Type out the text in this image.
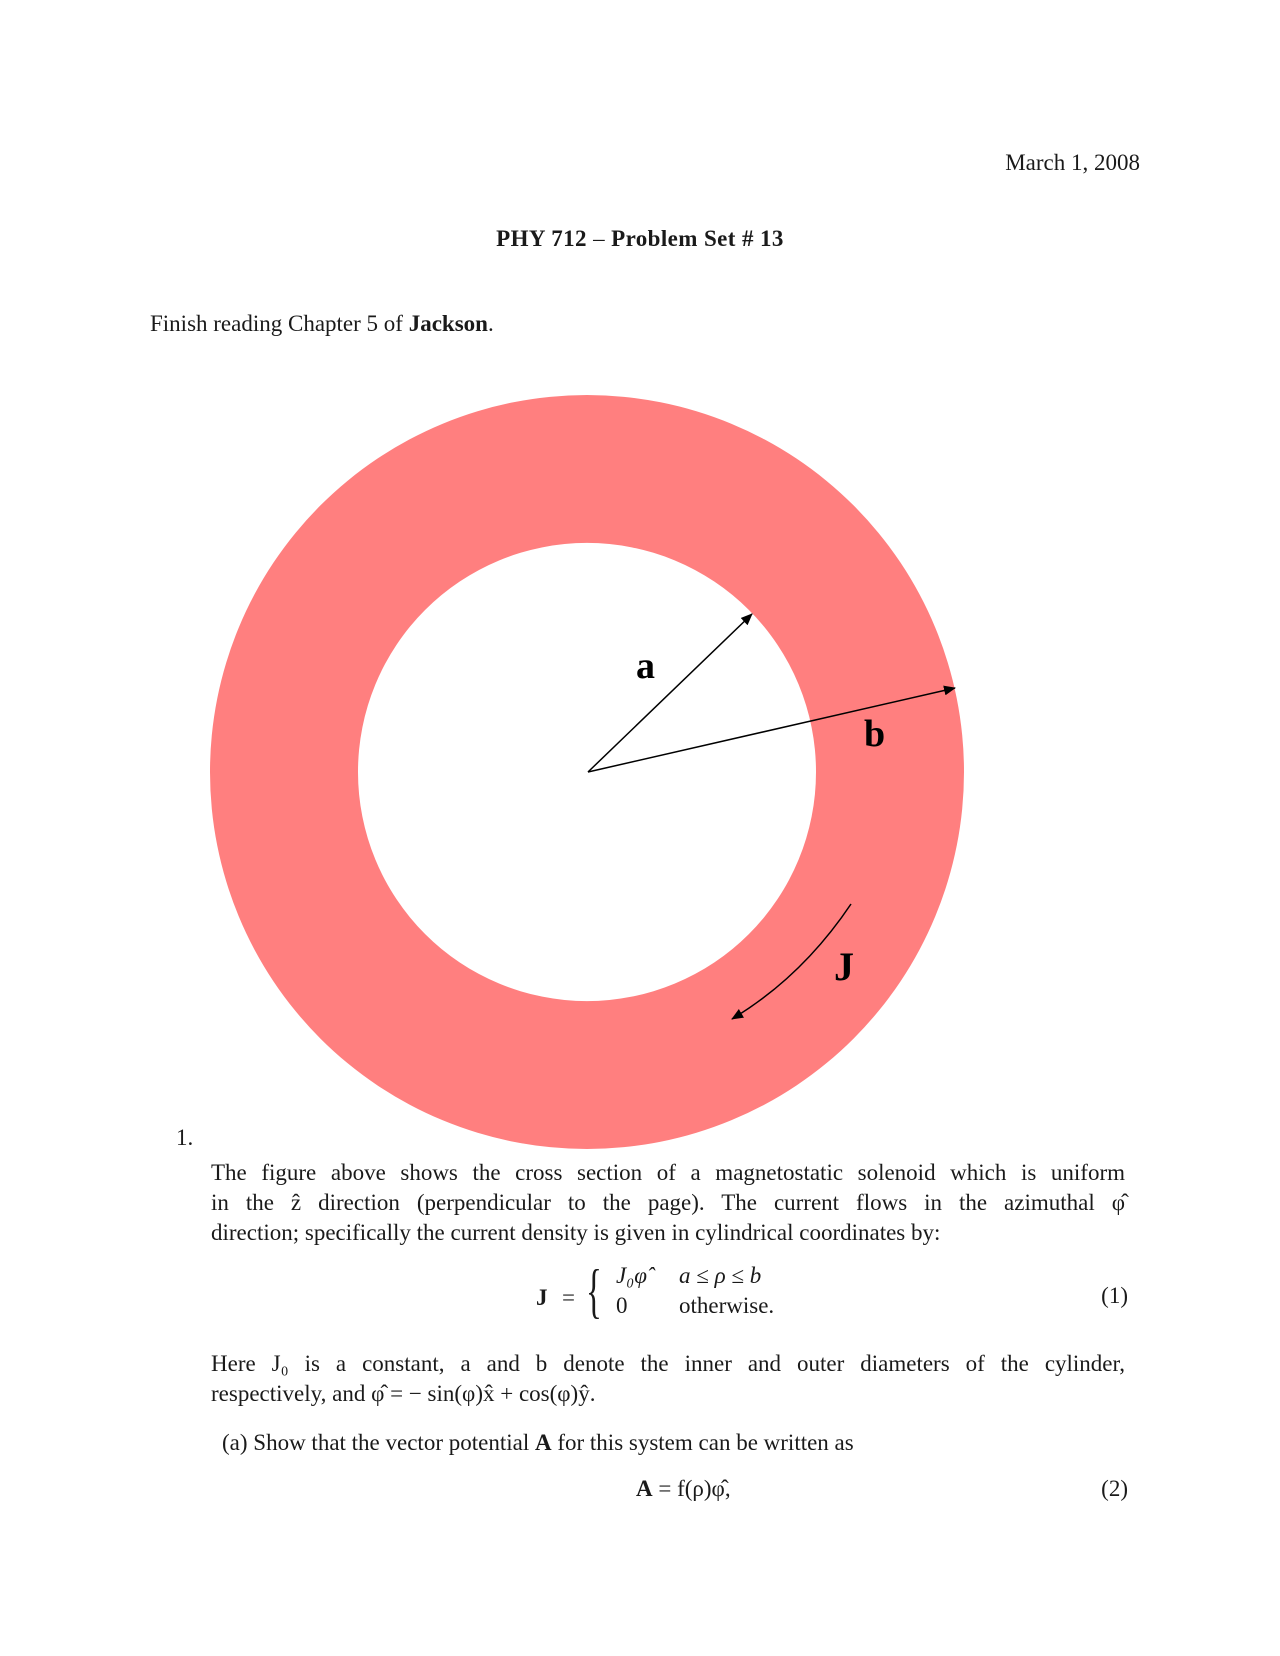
March 1, 2008
PHY 712 – Problem Set # 13
Finish reading Chapter 5 of Jackson.
a
b
J
1.
The figure above shows the cross section of a magnetostatic solenoid which is uniform
in the ẑ direction (perpendicular to the page). The current flows in the azimuthal φ̂
direction; specifically the current density is given in cylindrical coordinates by:
J = { J₀φ̂ a ≤ ρ ≤ b
0 otherwise.	(1)
Here J₀ is a constant, a and b denote the inner and outer diameters of the cylinder,
respectively, and φ̂ = − sin(φ)x̂ + cos(φ)ŷ.
(a) Show that the vector potential A for this system can be written as
A = f(ρ)φ̂,	(2)
